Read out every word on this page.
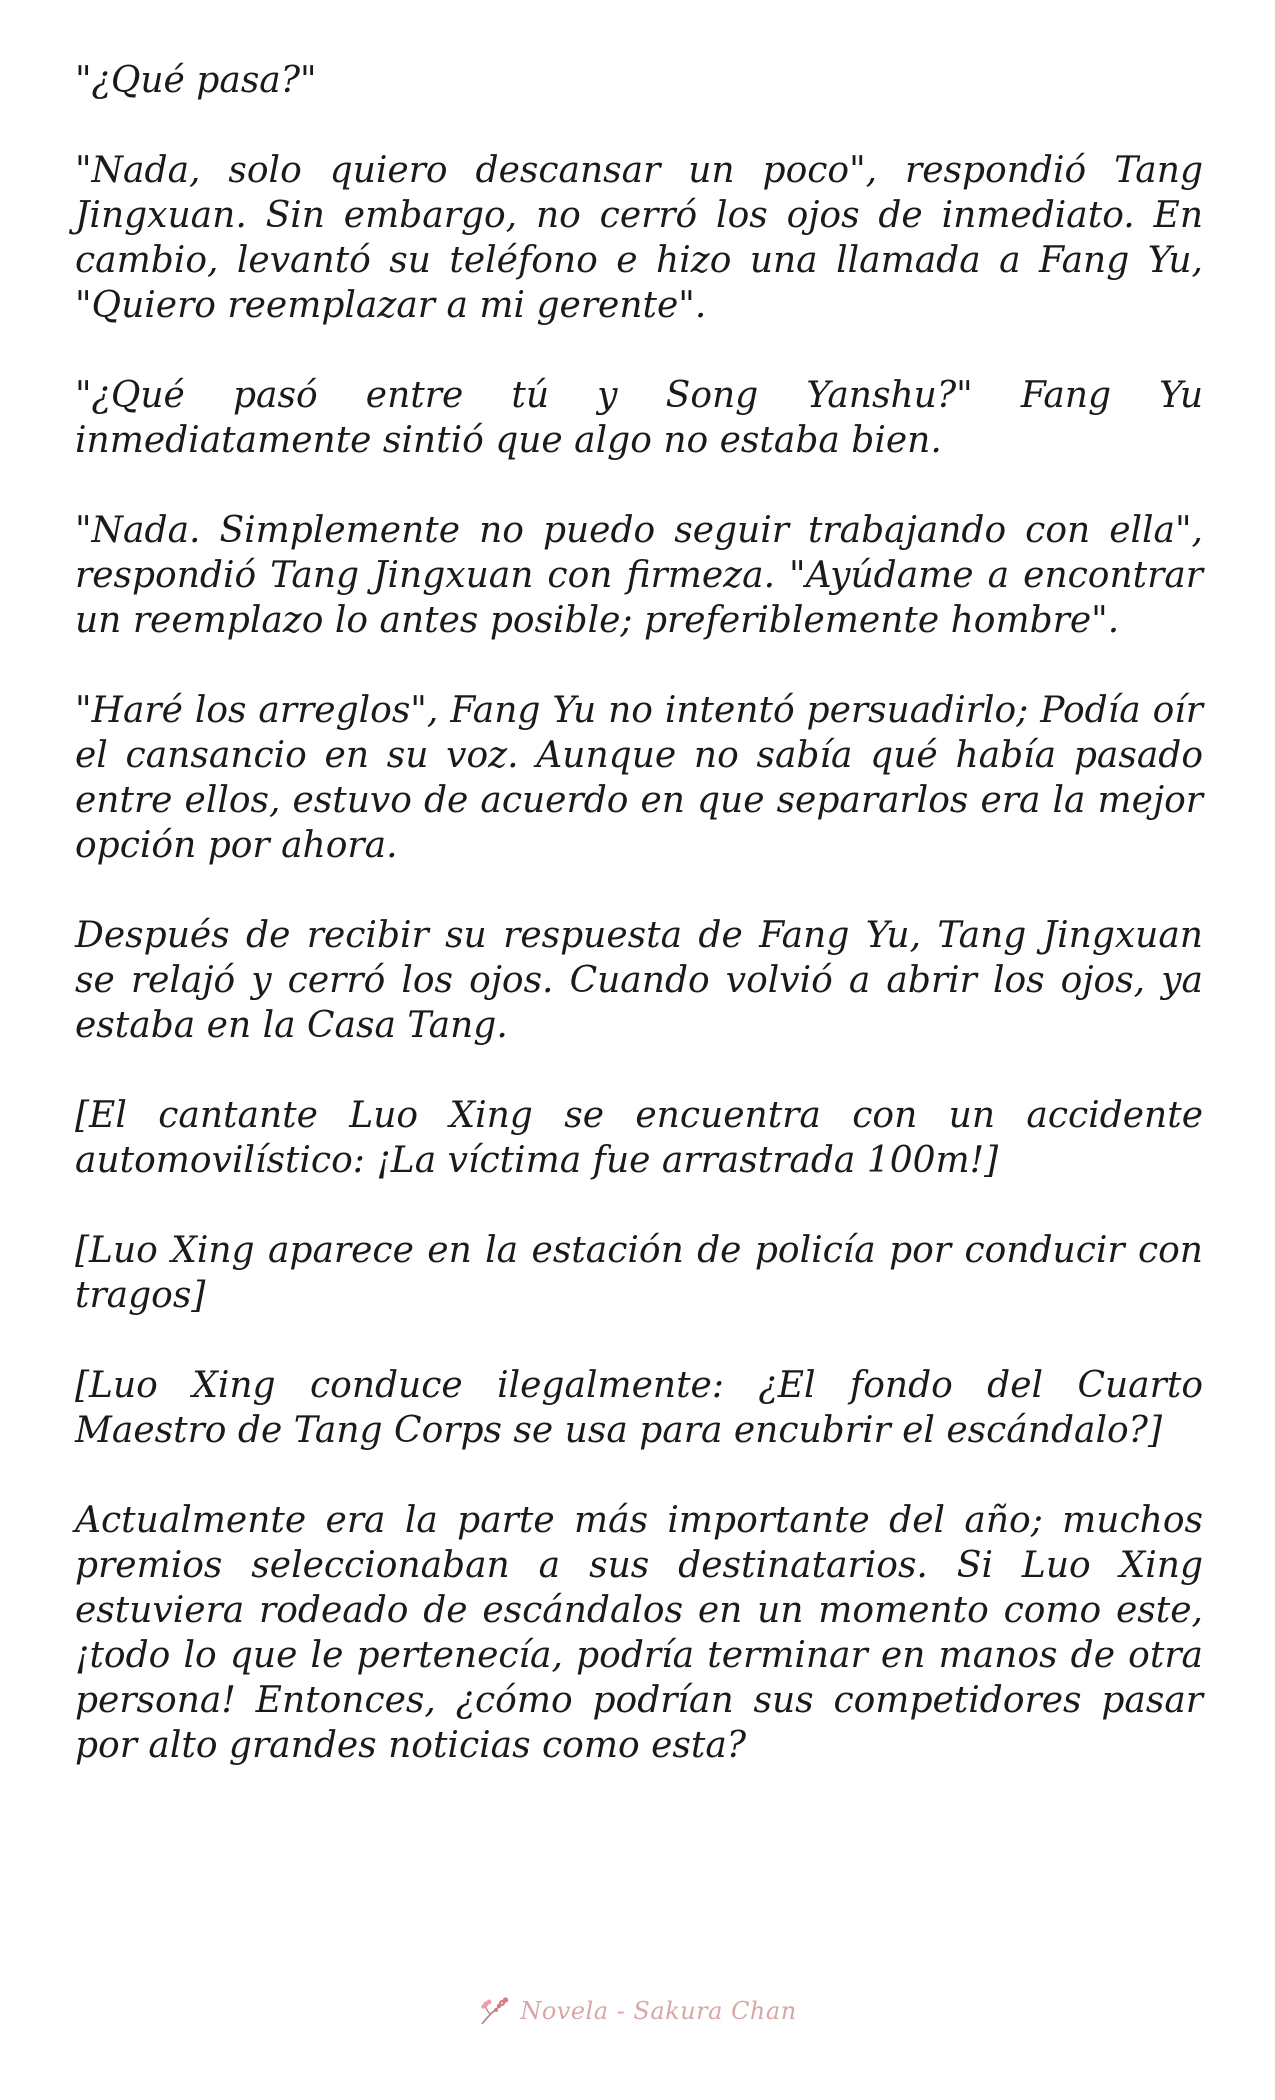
"¿Qué pasa?"

"Nada, solo quiero descansar un poco", respondió Tang Jingxuan. Sin embargo, no cerró los ojos de inmediato. En cambio, levantó su teléfono e hizo una llamada a Fang Yu, "Quiero reemplazar a mi gerente".

"¿Qué pasó entre tú y Song Yanshu?" Fang Yu inmediatamente sintió que algo no estaba bien.

"Nada. Simplemente no puedo seguir trabajando con ella", respondió Tang Jingxuan con firmeza. "Ayúdame a encontrar un reemplazo lo antes posible; preferiblemente hombre".

"Haré los arreglos", Fang Yu no intentó persuadirlo; Podía oír el cansancio en su voz. Aunque no sabía qué había pasado entre ellos, estuvo de acuerdo en que separarlos era la mejor opción por ahora.

Después de recibir su respuesta de Fang Yu, Tang Jingxuan se relajó y cerró los ojos. Cuando volvió a abrir los ojos, ya estaba en la Casa Tang.

[El cantante Luo Xing se encuentra con un accidente automovilístico: ¡La víctima fue arrastrada 100m!]

[Luo Xing aparece en la estación de policía por conducir con tragos]

[Luo Xing conduce ilegalmente: ¿El fondo del Cuarto Maestro de Tang Corps se usa para encubrir el escándalo?]

Actualmente era la parte más importante del año; muchos premios seleccionaban a sus destinatarios. Si Luo Xing estuviera rodeado de escándalos en un momento como este, ¡todo lo que le pertenecía, podría terminar en manos de otra persona! Entonces, ¿cómo podrían sus competidores pasar por alto grandes noticias como esta?

Novela - Sakura Chan
